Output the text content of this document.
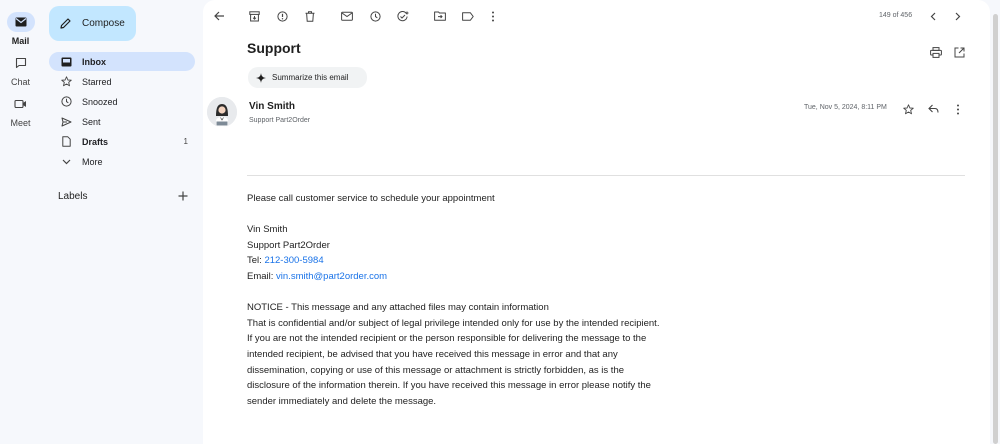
Mail
Chat
Meet
Compose
Inbox
Starred
Snoozed
Sent
Drafts	1
More
Labels
149 of 456
Support
Summarize this email
Vin Smith
Support Part2Order
Tue, Nov 5, 2024, 8:11 PM

Please call customer service to schedule your appointment

Vin Smith

Support Part2Order

Tel: 212-300-5984

Email: vin.smith@part2order.com

NOTICE - This message and any attached files may contain information

That is confidential and/or subject of legal privilege intended only for use by the intended recipient.

If you are not the intended recipient or the person responsible for delivering the message to the

intended recipient, be advised that you have received this message in error and that any

dissemination, copying or use of this message or attachment is strictly forbidden, as is the

disclosure of the information therein. If you have received this message in error please notify the

sender immediately and delete the message.
